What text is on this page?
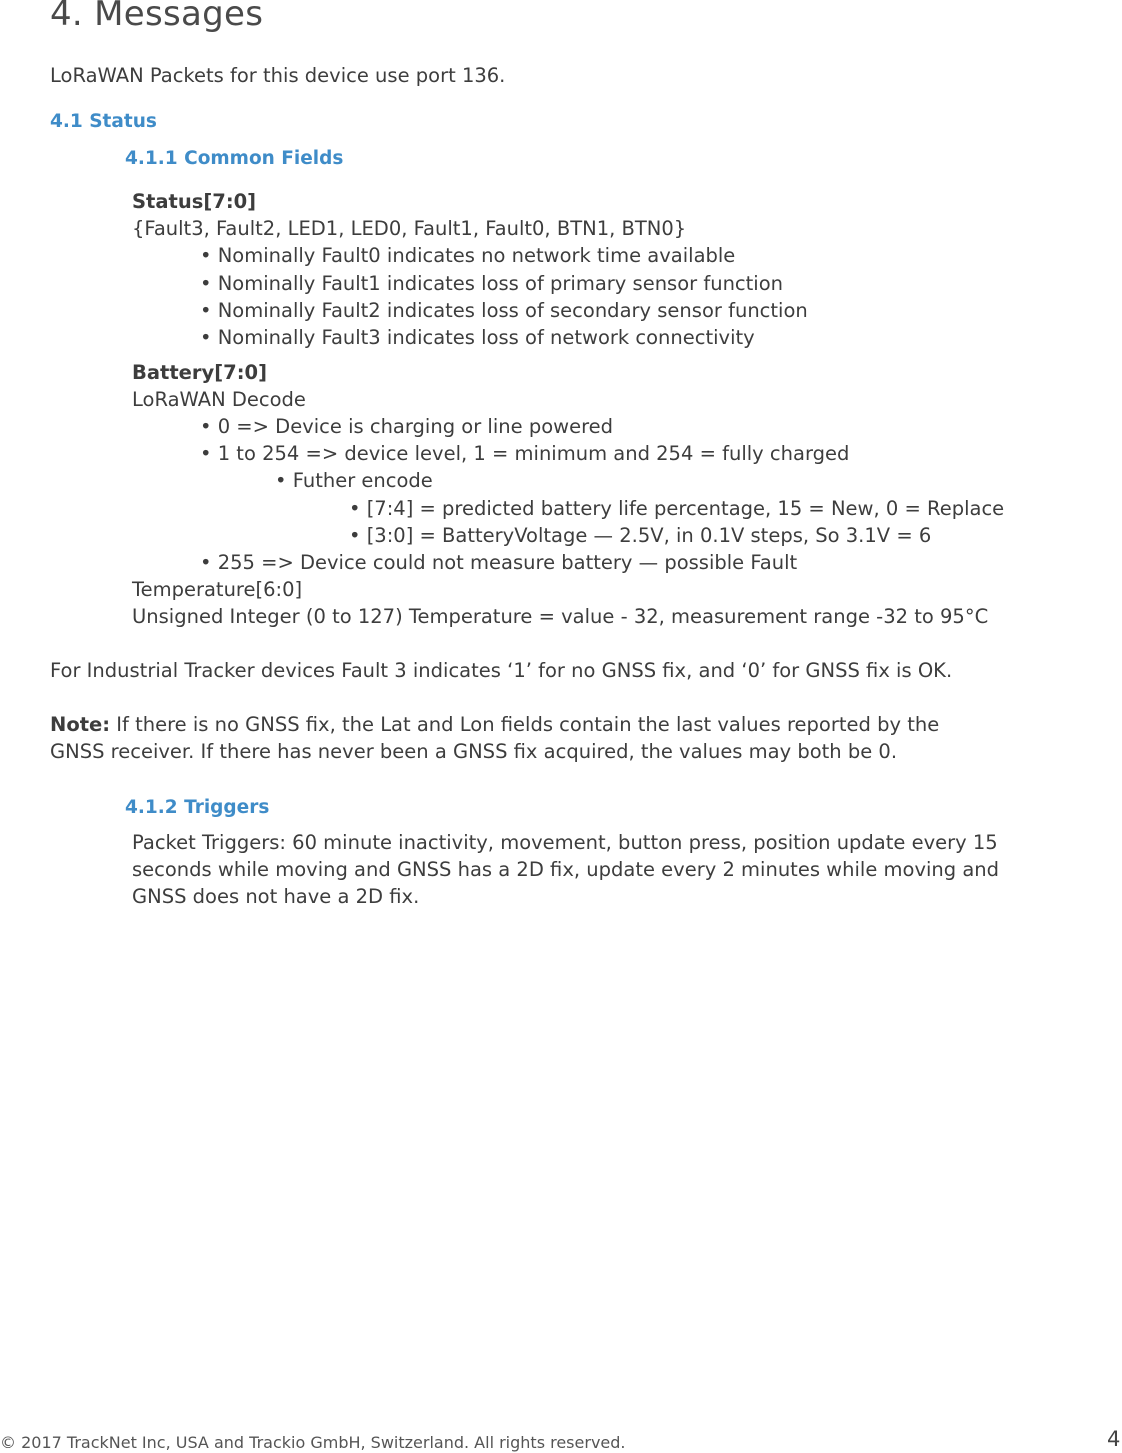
4. Messages
LoRaWAN Packets for this device use port 136.
4.1 Status
4.1.1 Common Fields
Status[7:0]
{Fault3, Fault2, LED1, LED0, Fault1, Fault0, BTN1, BTN0}
• Nominally Fault0 indicates no network time available
• Nominally Fault1 indicates loss of primary sensor function
• Nominally Fault2 indicates loss of secondary sensor function
• Nominally Fault3 indicates loss of network connectivity
Battery[7:0]
LoRaWAN Decode
• 0 => Device is charging or line powered
• 1 to 254 => device level, 1 = minimum and 254 = fully charged
• Futher encode
• [7:4] = predicted battery life percentage, 15 = New, 0 = Replace
• [3:0] = BatteryVoltage — 2.5V, in 0.1V steps, So 3.1V = 6
• 255 => Device could not measure battery — possible Fault
Temperature[6:0]
Unsigned Integer (0 to 127) Temperature = value - 32, measurement range -32 to 95°C
For Industrial Tracker devices Fault 3 indicates ‘1’ for no GNSS fix, and ‘0’ for GNSS fix is OK.
Note: If there is no GNSS fix, the Lat and Lon fields contain the last values reported by the
GNSS receiver. If there has never been a GNSS fix acquired, the values may both be 0.
4.1.2 Triggers
Packet Triggers: 60 minute inactivity, movement, button press, position update every 15
seconds while moving and GNSS has a 2D fix, update every 2 minutes while moving and
GNSS does not have a 2D fix.
© 2017 TrackNet Inc, USA and Trackio GmbH, Switzerland. All rights reserved.	4
